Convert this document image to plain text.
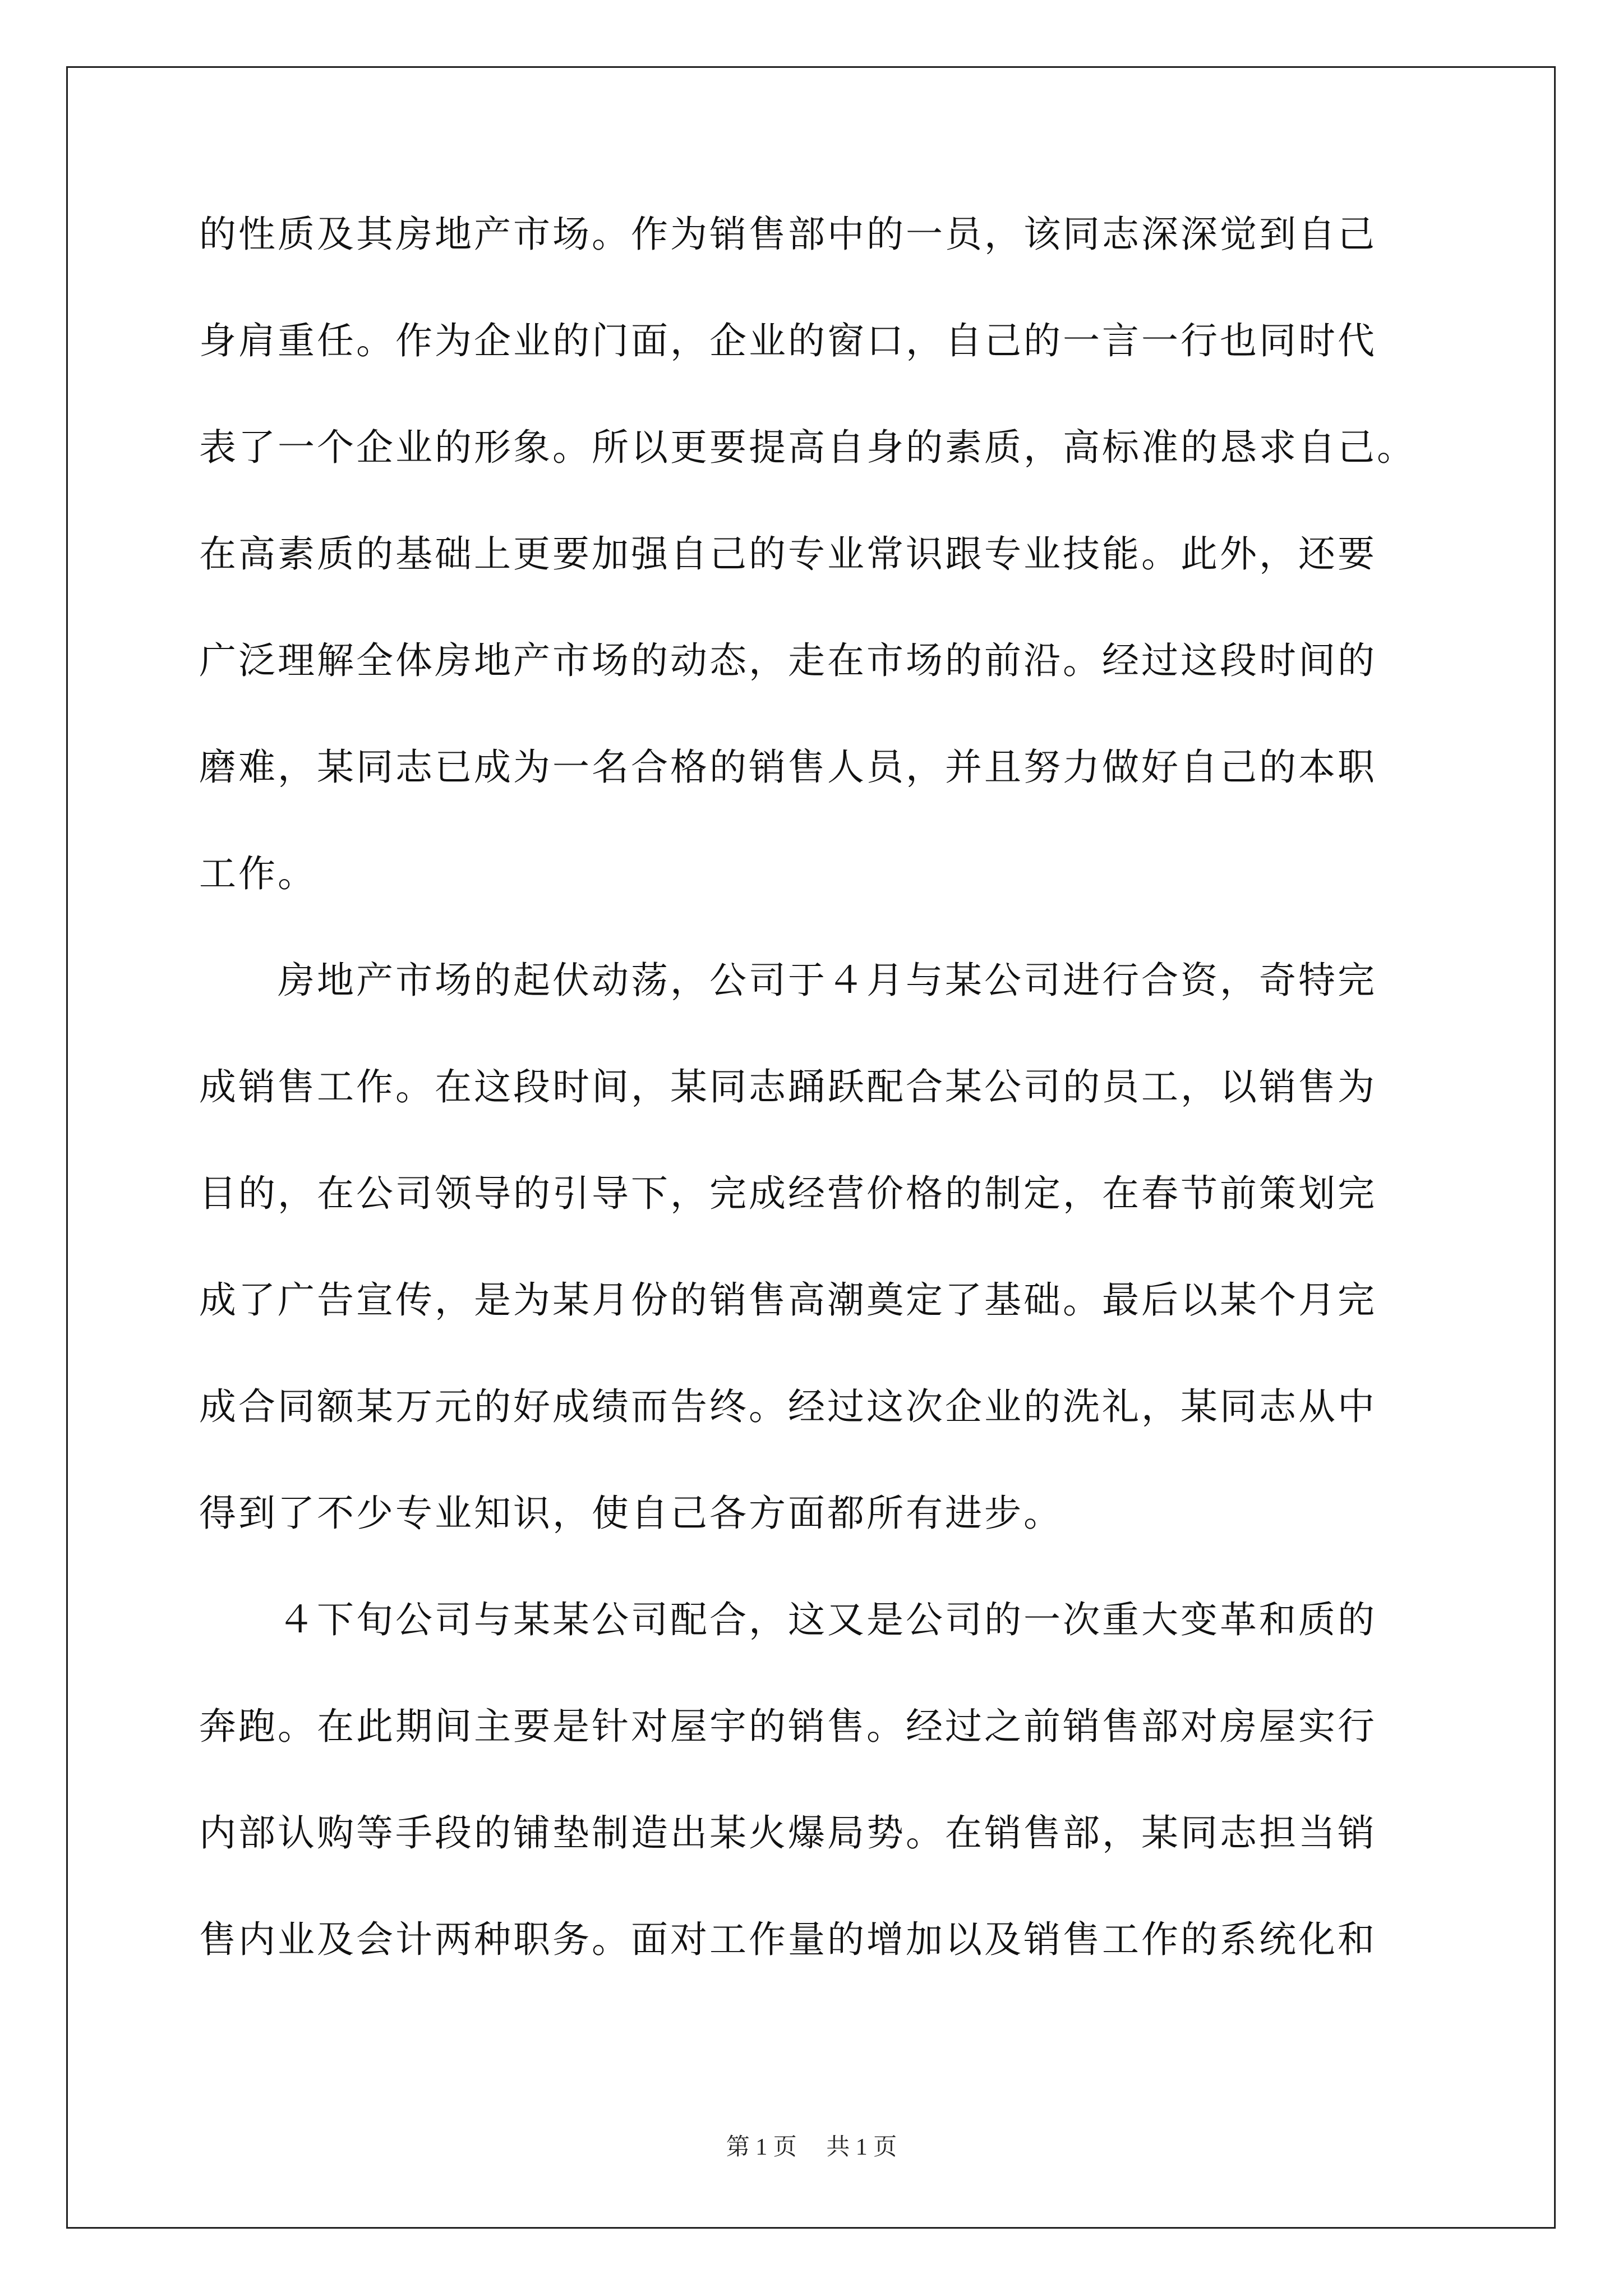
的性质及其房地产市场。作为销售部中的一员，该同志深深觉到自己
身肩重任。作为企业的门面，企业的窗口，自己的一言一行也同时代
表了一个企业的形象。所以更要提高自身的素质，高标准的恳求自己。
在高素质的基础上更要加强自己的专业常识跟专业技能。此外，还要
广泛理解全体房地产市场的动态，走在市场的前沿。经过这段时间的
磨难，某同志已成为一名合格的销售人员，并且努力做好自己的本职
工作。
　　房地产市场的起伏动荡，公司于４月与某公司进行合资，奇特完
成销售工作。在这段时间，某同志踊跃配合某公司的员工，以销售为
目的，在公司领导的引导下，完成经营价格的制定，在春节前策划完
成了广告宣传，是为某月份的销售高潮奠定了基础。最后以某个月完
成合同额某万元的好成绩而告终。经过这次企业的洗礼，某同志从中
得到了不少专业知识，使自己各方面都所有进步。
　　４下旬公司与某某公司配合，这又是公司的一次重大变革和质的
奔跑。在此期间主要是针对屋宇的销售。经过之前销售部对房屋实行
内部认购等手段的铺垫制造出某火爆局势。在销售部，某同志担当销
售内业及会计两种职务。面对工作量的增加以及销售工作的系统化和
第 1 页　 共 1 页
